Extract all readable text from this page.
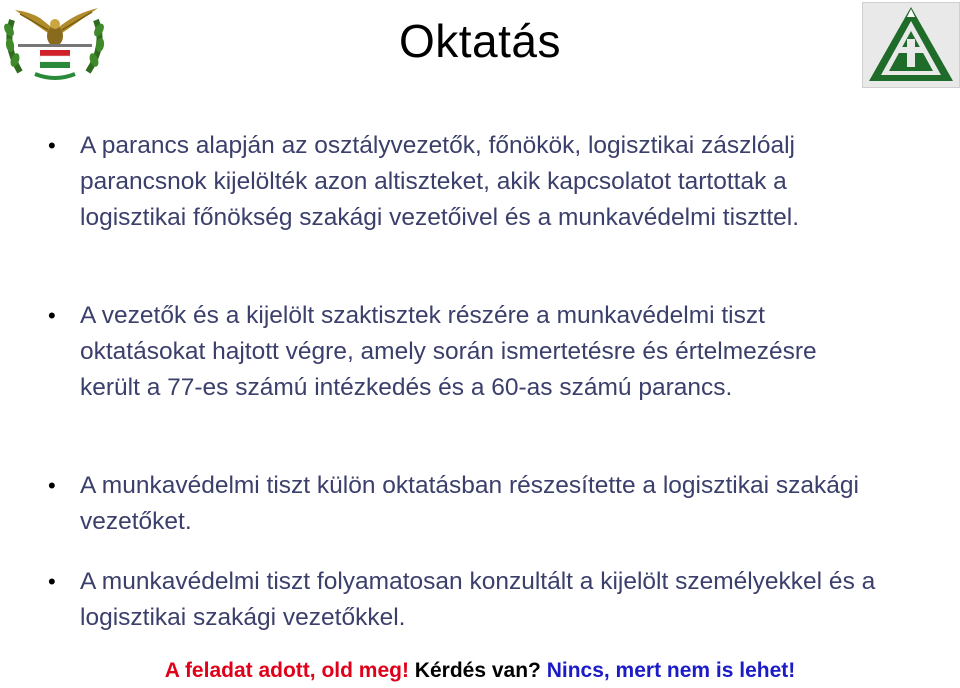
Oktatás
• A parancs alapján az osztályvezetők, főnökök, logisztikai zászlóalj parancsnok kijelölték azon altiszteket, akik kapcsolatot tartottak a logisztikai főnökség szakági vezetőivel és a munkavédelmi tiszttel.
• A vezetők és a kijelölt szaktisztek részére a munkavédelmi tiszt oktatásokat hajtott végre, amely során ismertetésre és értelmezésre került a 77-es számú intézkedés és a 60-as számú parancs.
• A munkavédelmi tiszt külön oktatásban részesítette a logisztikai szakági vezetőket.
• A munkavédelmi tiszt folyamatosan konzultált a kijelölt személyekkel és a logisztikai szakági vezetőkkel.
A feladat adott, old meg! Kérdés van? Nincs, mert nem is lehet!
